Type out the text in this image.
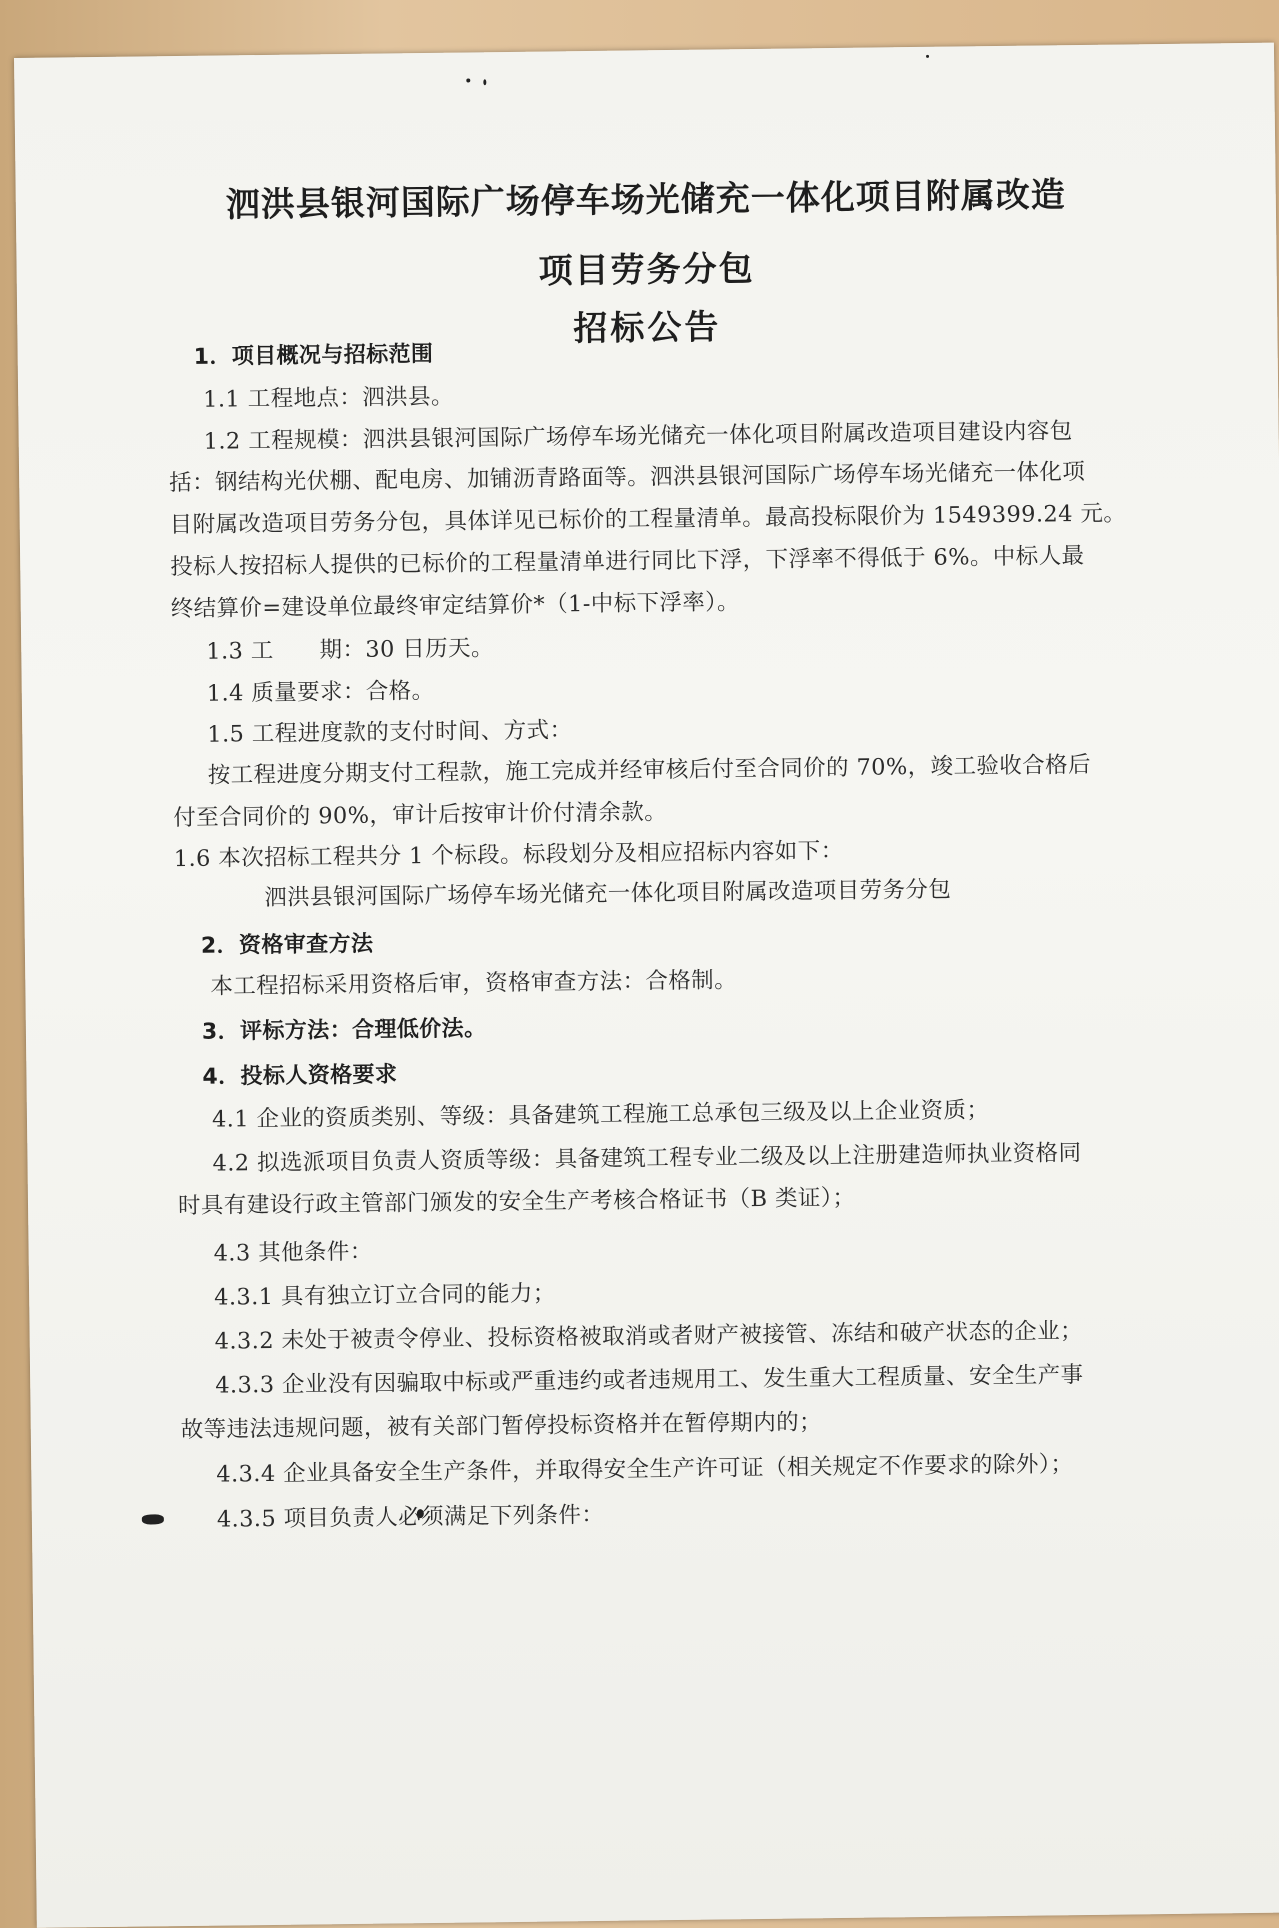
泗洪县银河国际广场停车场光储充一体化项目附属改造
项目劳务分包
招标公告
1．项目概况与招标范围
1.1 工程地点：泗洪县。
1.2 工程规模：泗洪县银河国际广场停车场光储充一体化项目附属改造项目建设内容包
括：钢结构光伏棚、配电房、加铺沥青路面等。泗洪县银河国际广场停车场光储充一体化项
目附属改造项目劳务分包，具体详见已标价的工程量清单。最高投标限价为 1549399.24 元。
投标人按招标人提供的已标价的工程量清单进行同比下浮，下浮率不得低于 6%。中标人最
终结算价=建设单位最终审定结算价*（1-中标下浮率）。
1.3 工　　期：30 日历天。
1.4 质量要求：合格。
1.5 工程进度款的支付时间、方式：
按工程进度分期支付工程款，施工完成并经审核后付至合同价的 70%，竣工验收合格后
付至合同价的 90%，审计后按审计价付清余款。
1.6 本次招标工程共分 1 个标段。标段划分及相应招标内容如下：
泗洪县银河国际广场停车场光储充一体化项目附属改造项目劳务分包
2．资格审查方法
本工程招标采用资格后审，资格审查方法：合格制。
3．评标方法：合理低价法。
4．投标人资格要求
4.1 企业的资质类别、等级：具备建筑工程施工总承包三级及以上企业资质；
4.2 拟选派项目负责人资质等级：具备建筑工程专业二级及以上注册建造师执业资格同
时具有建设行政主管部门颁发的安全生产考核合格证书（B 类证）；
4.3 其他条件：
4.3.1 具有独立订立合同的能力；
4.3.2 未处于被责令停业、投标资格被取消或者财产被接管、冻结和破产状态的企业；
4.3.3 企业没有因骗取中标或严重违约或者违规用工、发生重大工程质量、安全生产事
故等违法违规问题，被有关部门暂停投标资格并在暂停期内的；
4.3.4 企业具备安全生产条件，并取得安全生产许可证（相关规定不作要求的除外）；
4.3.5 项目负责人必须满足下列条件：
